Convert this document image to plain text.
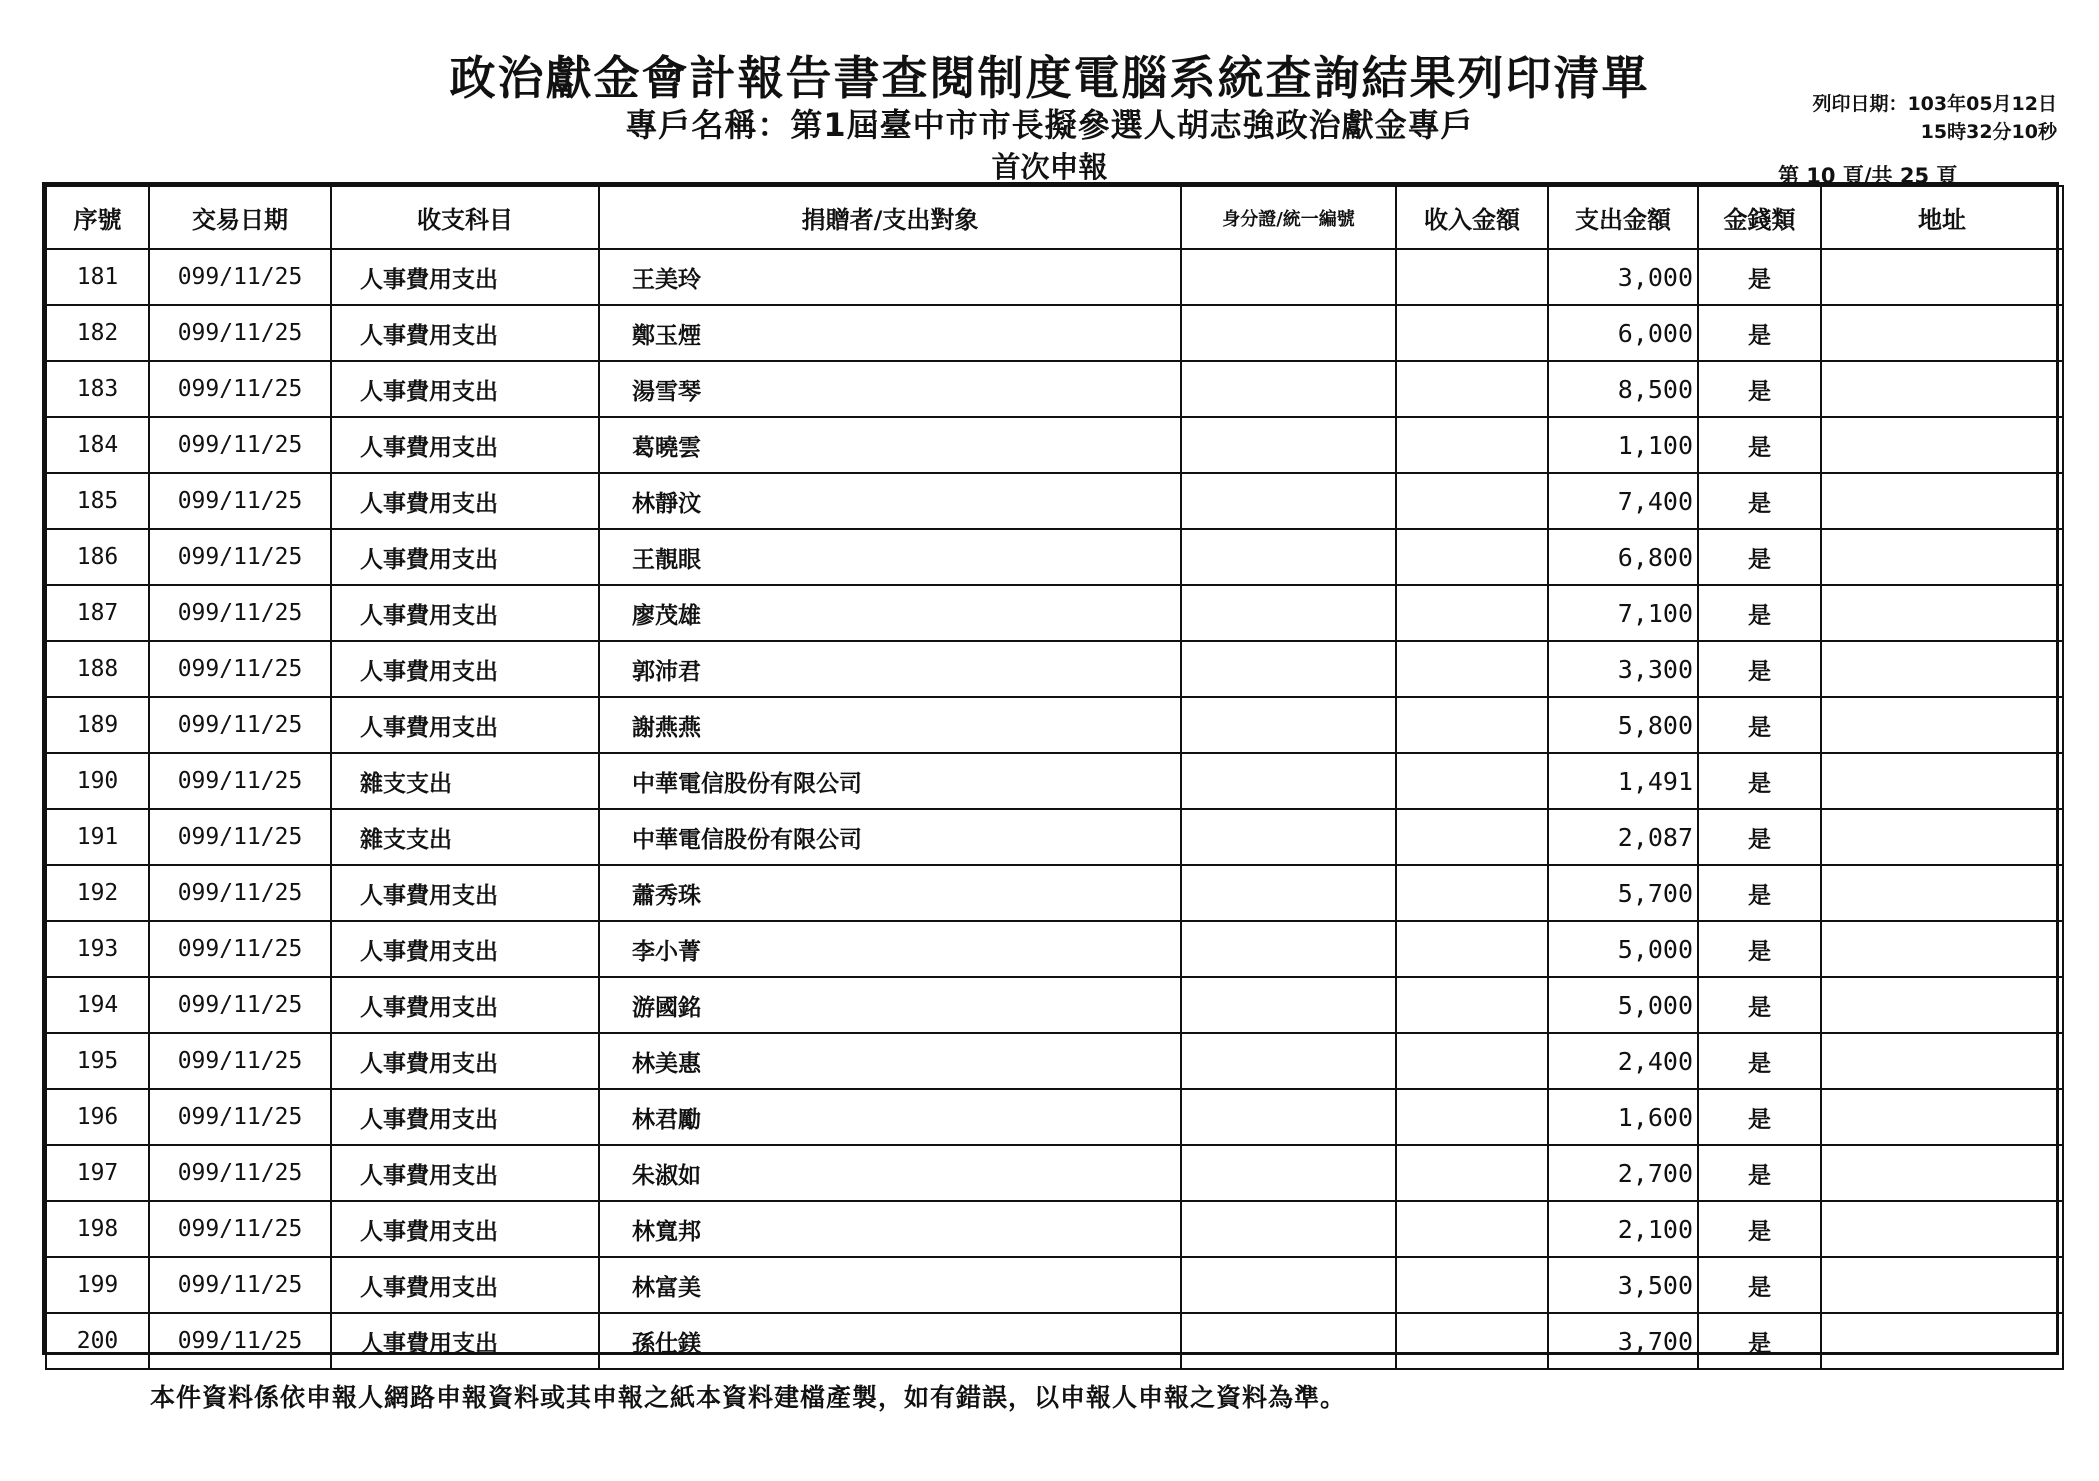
政治獻金會計報告書查閱制度電腦系統查詢結果列印清單
專戶名稱：第1屆臺中市市長擬參選人胡志強政治獻金專戶
首次申報
列印日期：103年05月12日
15時32分10秒
第 10 頁/共 25 頁
序號	交易日期	收支科目	捐贈者/支出對象	身分證/統一編號	收入金額	支出金額	金錢類	地址
181	099/11/25	人事費用支出	王美玲			3,000	是	
182	099/11/25	人事費用支出	鄭玉煙			6,000	是	
183	099/11/25	人事費用支出	湯雪琴			8,500	是	
184	099/11/25	人事費用支出	葛曉雲			1,100	是	
185	099/11/25	人事費用支出	林靜汶			7,400	是	
186	099/11/25	人事費用支出	王靚眼			6,800	是	
187	099/11/25	人事費用支出	廖茂雄			7,100	是	
188	099/11/25	人事費用支出	郭沛君			3,300	是	
189	099/11/25	人事費用支出	謝燕燕			5,800	是	
190	099/11/25	雜支支出	中華電信股份有限公司			1,491	是	
191	099/11/25	雜支支出	中華電信股份有限公司			2,087	是	
192	099/11/25	人事費用支出	蕭秀珠			5,700	是	
193	099/11/25	人事費用支出	李小菁			5,000	是	
194	099/11/25	人事費用支出	游國銘			5,000	是	
195	099/11/25	人事費用支出	林美惠			2,400	是	
196	099/11/25	人事費用支出	林君勵			1,600	是	
197	099/11/25	人事費用支出	朱淑如			2,700	是	
198	099/11/25	人事費用支出	林寬邦			2,100	是	
199	099/11/25	人事費用支出	林富美			3,500	是	
200	099/11/25	人事費用支出	孫仕鎂			3,700	是	
本件資料係依申報人網路申報資料或其申報之紙本資料建檔產製，如有錯誤，以申報人申報之資料為準。
